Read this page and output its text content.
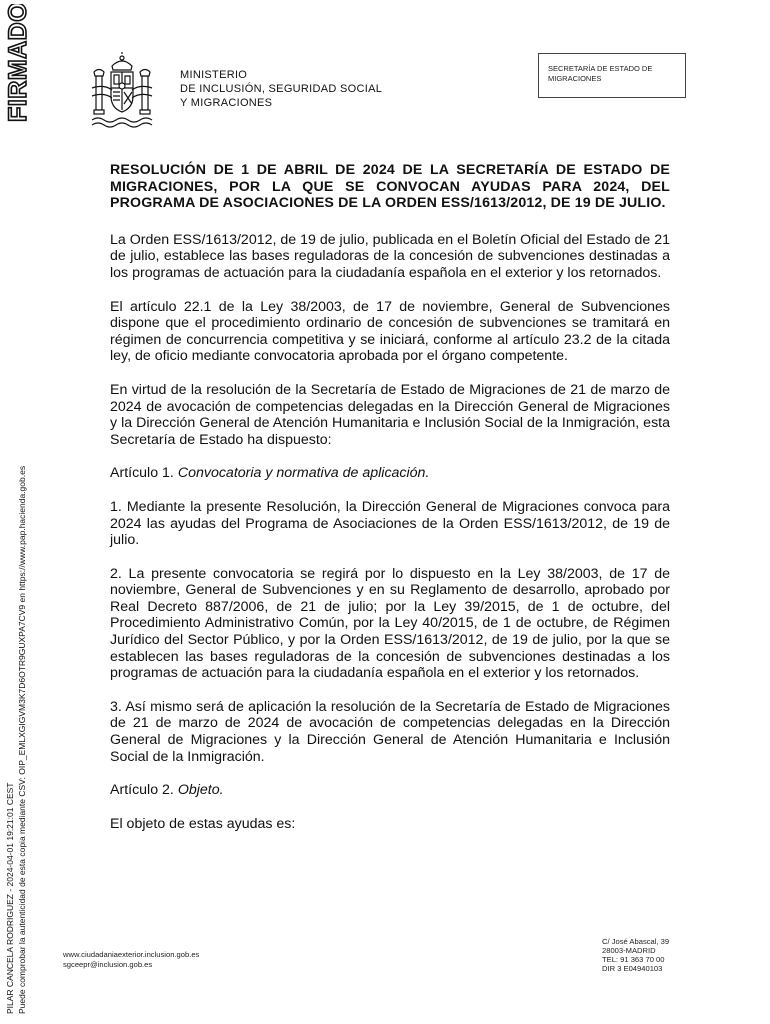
FIRMADO
PILAR CANCELA RODRIGUEZ - 2024-04-01 19:21:01 CEST Puede comprobar la autenticidad de esta copia mediante CSV: OIP_EMLXGIGVM3K7D6OTR9GUXPA7CV9 en https://www.pap.hacienda.gob.es
MINISTERIO
DE INCLUSIÓN, SEGURIDAD SOCIAL
Y MIGRACIONES
SECRETARÍA DE ESTADO DE
MIGRACIONES
RESOLUCIÓN DE 1 DE ABRIL DE 2024 DE LA SECRETARÍA DE ESTADO DE MIGRACIONES, POR LA QUE SE CONVOCAN AYUDAS PARA 2024, DEL PROGRAMA DE ASOCIACIONES DE LA ORDEN ESS/1613/2012, DE 19 DE JULIO.
La Orden ESS/1613/2012, de 19 de julio, publicada en el Boletín Oficial del Estado de 21 de julio, establece las bases reguladoras de la concesión de subvenciones destinadas a los programas de actuación para la ciudadanía española en el exterior y los retornados.
El artículo 22.1 de la Ley 38/2003, de 17 de noviembre, General de Subvenciones dispone que el procedimiento ordinario de concesión de subvenciones se tramitará en régimen de concurrencia competitiva y se iniciará, conforme al artículo 23.2 de la citada ley, de oficio mediante convocatoria aprobada por el órgano competente.
En virtud de la resolución de la Secretaría de Estado de Migraciones de 21 de marzo de 2024 de avocación de competencias delegadas en la Dirección General de Migraciones y la Dirección General de Atención Humanitaria e Inclusión Social de la Inmigración, esta Secretaría de Estado ha dispuesto:
Artículo 1. Convocatoria y normativa de aplicación.
1. Mediante la presente Resolución, la Dirección General de Migraciones convoca para 2024 las ayudas del Programa de Asociaciones de la Orden ESS/1613/2012, de 19 de julio.
2. La presente convocatoria se regirá por lo dispuesto en la Ley 38/2003, de 17 de noviembre, General de Subvenciones y en su Reglamento de desarrollo, aprobado por Real Decreto 887/2006, de 21 de julio; por la Ley 39/2015, de 1 de octubre, del Procedimiento Administrativo Común, por la Ley 40/2015, de 1 de octubre, de Régimen Jurídico del Sector Público, y por la Orden ESS/1613/2012, de 19 de julio, por la que se establecen las bases reguladoras de la concesión de subvenciones destinadas a los programas de actuación para la ciudadanía española en el exterior y los retornados.
3. Así mismo será de aplicación la resolución de la Secretaría de Estado de Migraciones de 21 de marzo de 2024 de avocación de competencias delegadas en la Dirección General de Migraciones y la Dirección General de Atención Humanitaria e Inclusión Social de la Inmigración.
Artículo 2. Objeto.
El objeto de estas ayudas es:
www.ciudadaniaexterior.inclusion.gob.es
sgceepr@inclusion.gob.es
C/ José Abascal, 39
28003-MADRID
TEL: 91 363 70 00
DIR 3 E04940103
